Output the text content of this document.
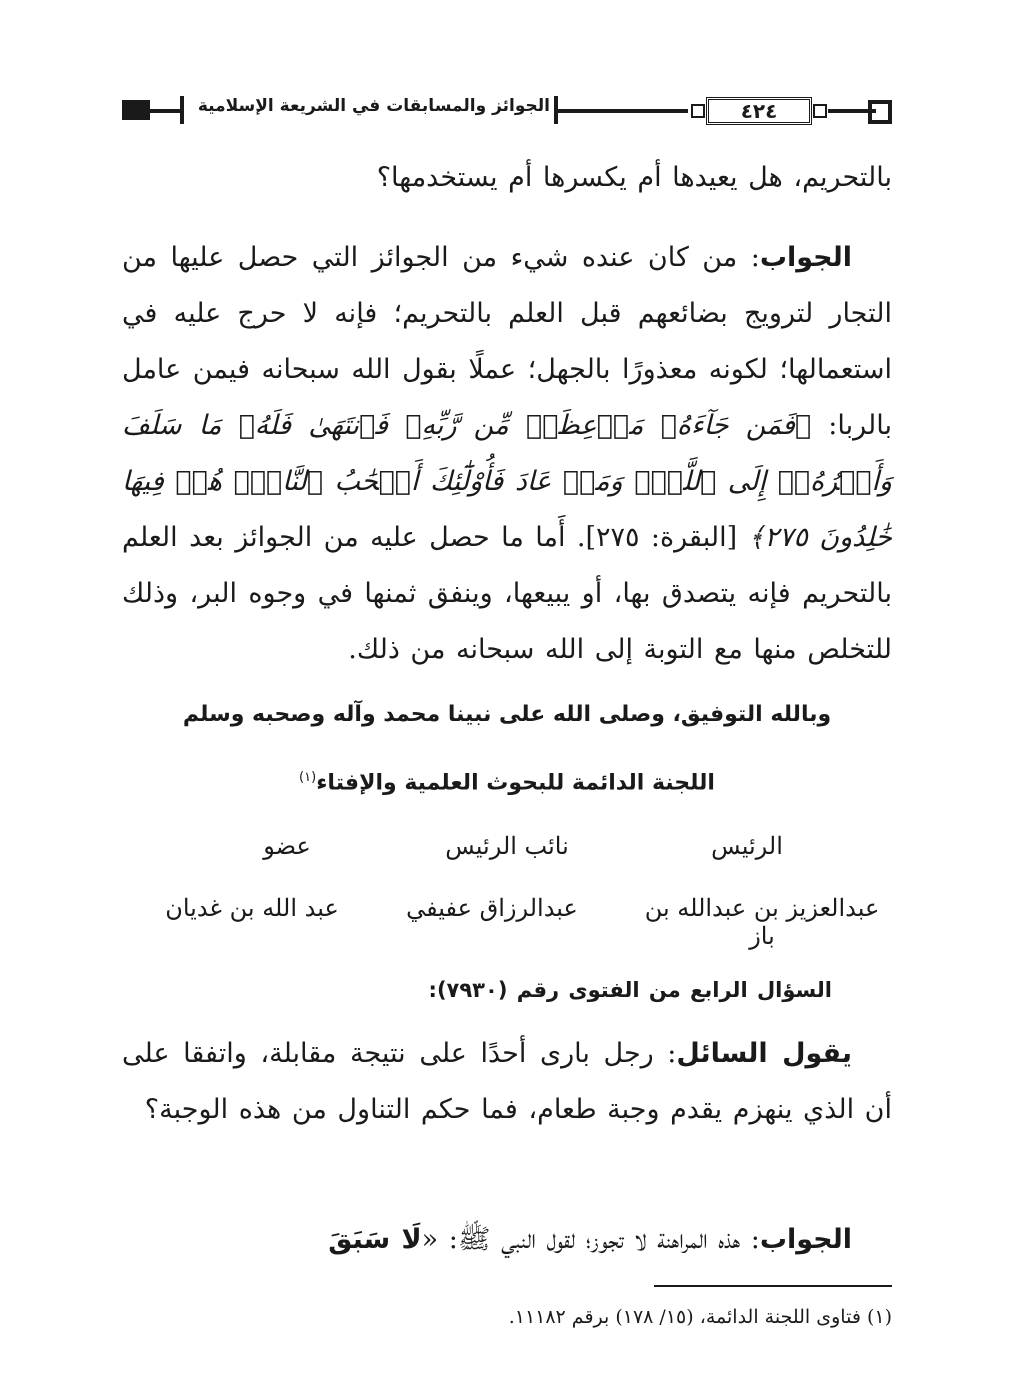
٤٢٤
الجوائز والمسابقات في الشريعة الإسلامية
بالتحريم، هل يعيدها أم يكسرها أم يستخدمها؟
الجواب: من كان عنده شيء من الجوائز التي حصل عليها من التجار لترويج بضائعهم قبل العلم بالتحريم؛ فإنه لا حرج عليه في استعمالها؛ لكونه معذورًا بالجهل؛ عملًا بقول الله سبحانه فيمن عامل بالربا: ﴿فَمَن جَآءَهُۥ مَوۡعِظَةٞ مِّن رَّبِّهِۦ فَٱنتَهَىٰ فَلَهُۥ مَا سَلَفَ وَأَمۡرُهُۥٓ إِلَى ٱللَّهِۖ وَمَنۡ عَادَ فَأُوْلَٰٓئِكَ أَصۡحَٰبُ ٱلنَّارِۖ هُمۡ فِيهَا خَٰلِدُونَ ٢٧٥﴾ [البقرة: ٢٧٥]. أَما ما حصل عليه من الجوائز بعد العلم بالتحريم فإنه يتصدق بها، أو يبيعها، وينفق ثمنها في وجوه البر، وذلك للتخلص منها مع التوبة إلى الله سبحانه من ذلك.
وبالله التوفيق، وصلى الله على نبينا محمد وآله وصحبه وسلم
اللجنة الدائمة للبحوث العلمية والإفتاء$^{(١)}$
الرئيس
نائب الرئيس
عضو
عبدالعزيز بن عبدالله بن باز
عبدالرزاق عفيفي
عبد الله بن غديان
السؤال الرابع من الفتوى رقم (٧٩٣٠):
يقول السائل: رجل بارى أحدًا على نتيجة مقابلة، واتفقا على أن الذي ينهزم يقدم وجبة طعام، فما حكم التناول من هذه الوجبة؟
الجواب: هذه المراهنة لا تجوز؛ لقول النبي ﷺ: «لَا سَبَقَ
(١) فتاوى اللجنة الدائمة، (١٥/ ١٧٨) برقم ١١١٨٢.
